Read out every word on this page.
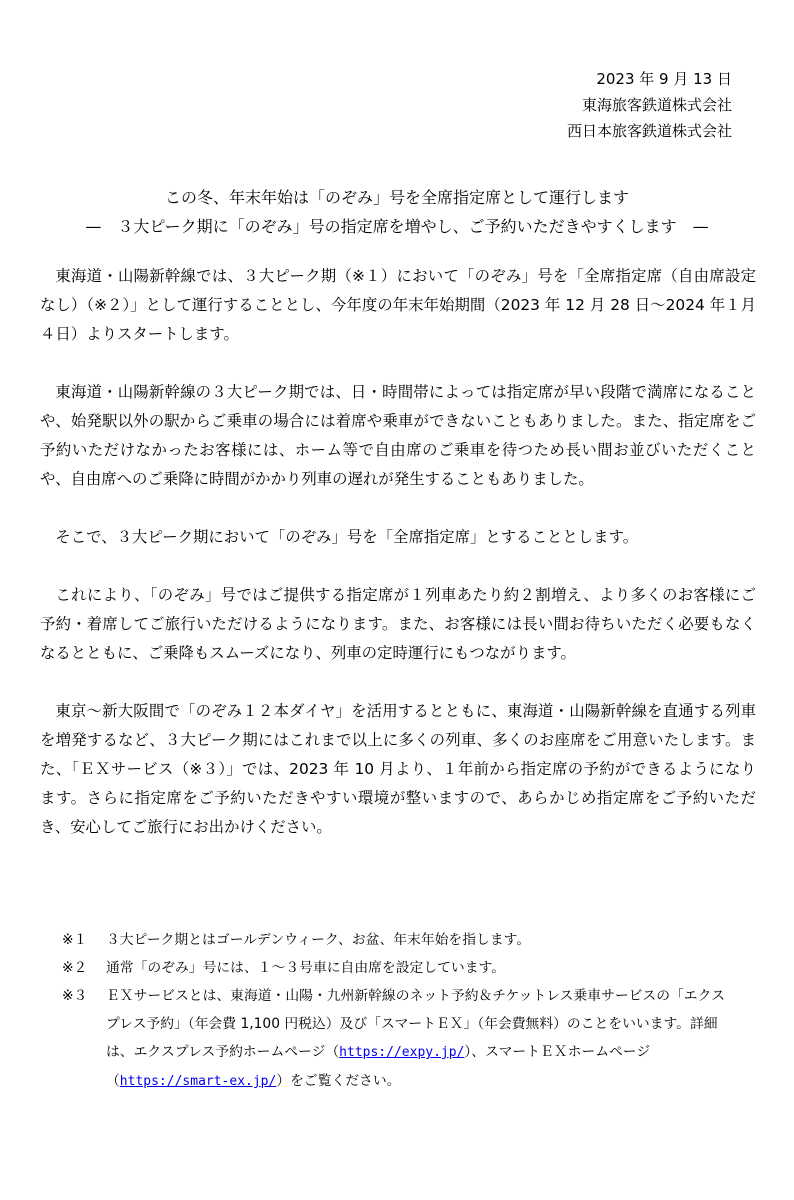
2023 年 9 月 13 日
東海旅客鉄道株式会社
西日本旅客鉄道株式会社
この冬、年末年始は「のぞみ」号を全席指定席として運行します
—　３大ピーク期に「のぞみ」号の指定席を増やし、ご予約いただきやすくします　—

東海道・山陽新幹線では、３大ピーク期（※１）において「のぞみ」号を「全席指定席（自由席設定なし）（※２）」として運行することとし、今年度の年末年始期間（2023 年 12 月 28 日〜2024 年１月４日）よりスタートします。

東海道・山陽新幹線の３大ピーク期では、日・時間帯によっては指定席が早い段階で満席になることや、始発駅以外の駅からご乗車の場合には着席や乗車ができないこともありました。また、指定席をご予約いただけなかったお客様には、ホーム等で自由席のご乗車を待つため長い間お並びいただくことや、自由席へのご乗降に時間がかかり列車の遅れが発生することもありました。

そこで、３大ピーク期において「のぞみ」号を「全席指定席」とすることとします。

これにより、「のぞみ」号ではご提供する指定席が１列車あたり約２割増え、より多くのお客様にご予約・着席してご旅行いただけるようになります。また、お客様には長い間お待ちいただく必要もなくなるとともに、ご乗降もスムーズになり、列車の定時運行にもつながります。

東京〜新大阪間で「のぞみ１２本ダイヤ」を活用するとともに、東海道・山陽新幹線を直通する列車を増発するなど、３大ピーク期にはこれまで以上に多くの列車、多くのお座席をご用意いたします。また、「ＥＸサービス（※３）」では、2023 年 10 月より、１年前から指定席の予約ができるようになります。さらに指定席をご予約いただきやすい環境が整いますので、あらかじめ指定席をご予約いただき、安心してご旅行にお出かけください。

※１	３大ピーク期とはゴールデンウィーク、お盆、年末年始を指します。
※２	通常「のぞみ」号には、１〜３号車に自由席を設定しています。
※３	ＥＸサービスとは、東海道・山陽・九州新幹線のネット予約＆チケットレス乗車サービスの「エクスプレス予約」（年会費 1,100 円税込）及び「スマートＥＸ」（年会費無料）のことをいいます。詳細は、エクスプレス予約ホームページ（https://expy.jp/）、スマートＥＸホームページ（https://smart-ex.jp/）をご覧ください。
